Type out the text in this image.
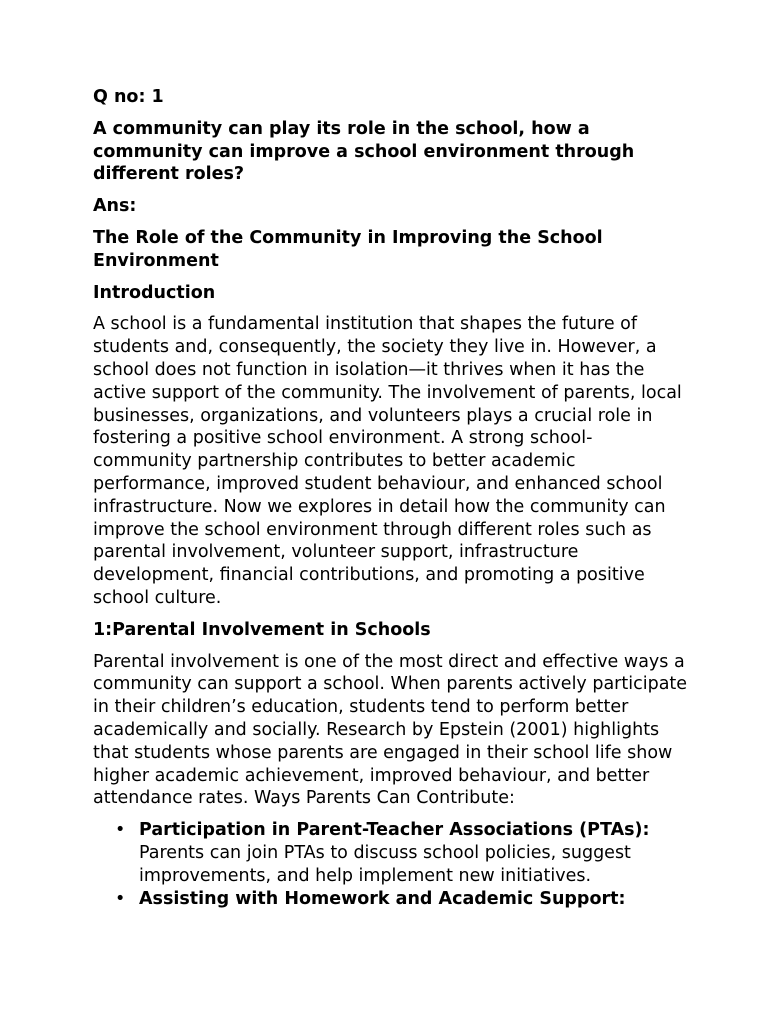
Q no: 1

A community can play its role in the school, how a community can improve a school environment through different roles?

Ans:

The Role of the Community in Improving the School Environment

Introduction

A school is a fundamental institution that shapes the future of students and, consequently, the society they live in. However, a school does not function in isolation—it thrives when it has the active support of the community. The involvement of parents, local businesses, organizations, and volunteers plays a crucial role in fostering a positive school environment. A strong school-community partnership contributes to better academic performance, improved student behaviour, and enhanced school infrastructure. Now we explores in detail how the community can improve the school environment through different roles such as parental involvement, volunteer support, infrastructure development, financial contributions, and promoting a positive school culture.

1:Parental Involvement in Schools

Parental involvement is one of the most direct and effective ways a community can support a school. When parents actively participate in their children’s education, students tend to perform better academically and socially. Research by Epstein (2001) highlights that students whose parents are engaged in their school life show higher academic achievement, improved behaviour, and better attendance rates. Ways Parents Can Contribute:

• Participation in Parent-Teacher Associations (PTAs): Parents can join PTAs to discuss school policies, suggest improvements, and help implement new initiatives.
• Assisting with Homework and Academic Support:
